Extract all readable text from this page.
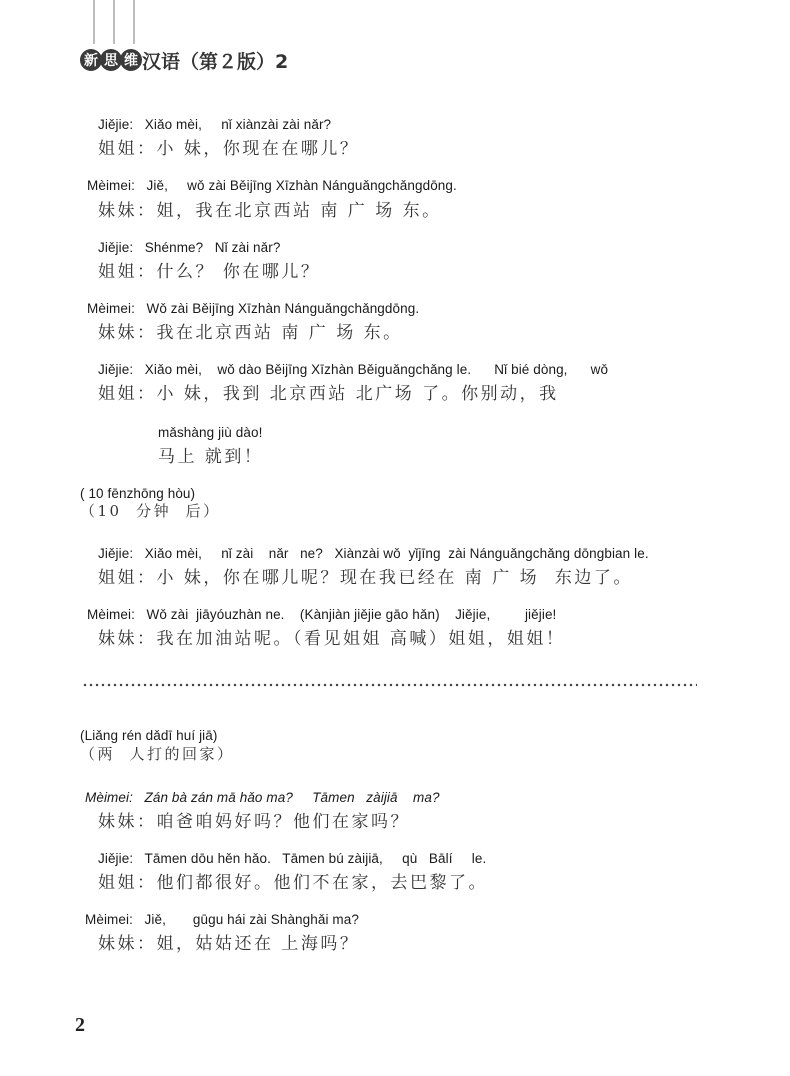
新 思 维 汉语（第２版）2
Jiějie:   Xiǎo mèi,     nǐ xiànzài zài nǎr?
姐姐：小 妹，你现在在哪儿？
Mèimei:   Jiě,     wǒ zài Běijīng Xīzhàn Nánguǎngchǎngdōng.
妹妹：姐，我在北京西站 南 广 场 东。
Jiějie:   Shénme?   Nǐ zài nǎr?
姐姐：什么？ 你在哪儿？
Mèimei:   Wǒ zài Běijīng Xīzhàn Nánguǎngchǎngdōng.
妹妹：我在北京西站 南 广 场 东。
Jiějie:   Xiǎo mèi,    wǒ dào Běijīng Xīzhàn Běiguǎngchǎng le.      Nǐ bié dòng,      wǒ
姐姐：小 妹，我到 北京西站 北广场 了。你别动，我
mǎshàng jiù dào!
马上 就到！
( 10 fēnzhōng hòu)
（10  分钟  后）
Jiějie:   Xiǎo mèi,     nǐ zài    nǎr   ne?   Xiànzài wǒ  yǐjīng  zài Nánguǎngchǎng dōngbian le.
姐姐：小 妹，你在哪儿呢？现在我已经在 南 广 场  东边了。
Mèimei:   Wǒ zài  jiāyóuzhàn ne.    (Kànjiàn jiějie gāo hǎn)    Jiějie,         jiějie!
妹妹：我在加油站呢。（看见姐姐 高喊）姐姐，姐姐！
(Liǎng rén dǎdī huí jiā)
（两  人打的回家）
Mèimei:   Zán bà zán mā hǎo ma?     Tāmen   zàijiā    ma?
妹妹：咱爸咱妈好吗？他们在家吗？
Jiějie:   Tāmen dōu hěn hǎo.   Tāmen bú zàijiā,     qù   Bālí     le.
姐姐：他们都很好。他们不在家，去巴黎了。
Mèimei:   Jiě,       gūgu hái zài Shànghǎi ma?
妹妹：姐，姑姑还在 上海吗？
2
